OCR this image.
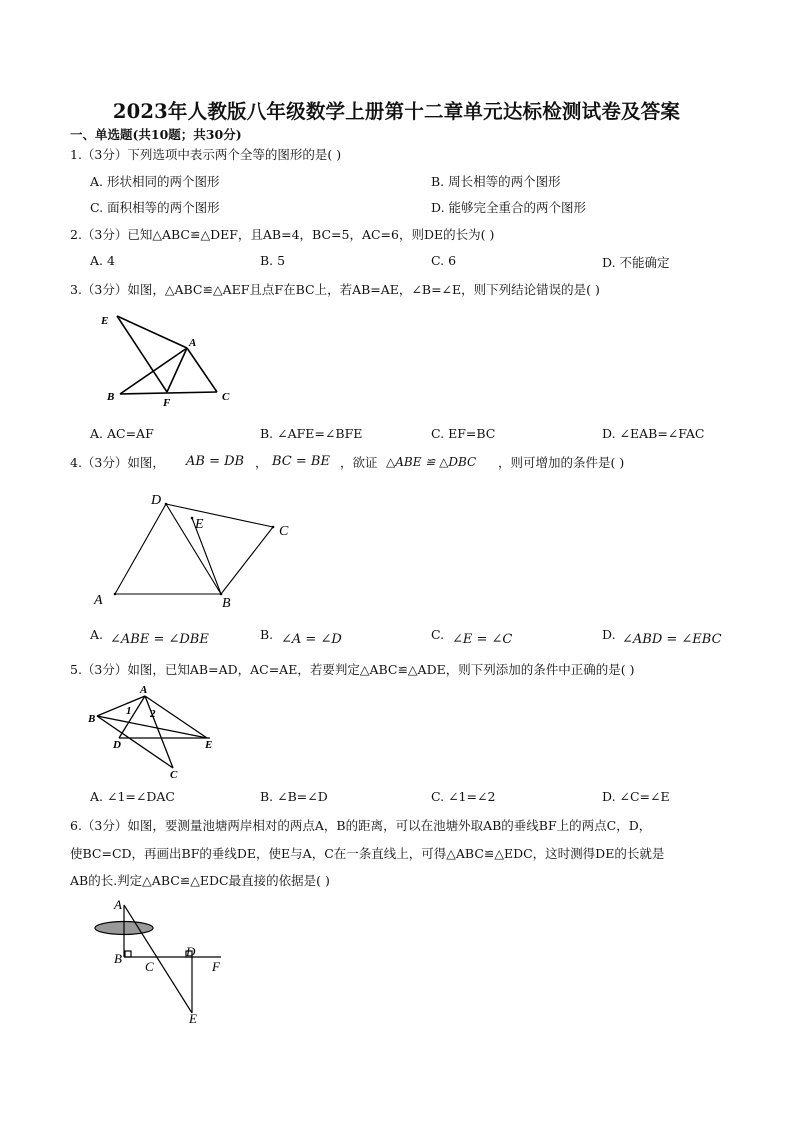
2023年人教版八年级数学上册第十二章单元达标检测试卷及答案
一、单选题(共10题；共30分)
1.（3分）下列选项中表示两个全等的图形的是( )
A. 形状相同的两个图形	B. 周长相等的两个图形
C. 面积相等的两个图形	D. 能够完全重合的两个图形
2.（3分）已知△ABC≌△DEF，且AB=4，BC=5，AC=6，则DE的长为( )
A. 4	B. 5	C. 6	D. 不能确定
3.（3分）如图，△ABC≌△AEF且点F在BC上，若AB=AE，∠B=∠E，则下列结论错误的是( )
E
A
B	F	C
A. AC=AF	B. ∠AFE=∠BFE	C. EF=BC	D. ∠EAB=∠FAC
4.（3分）如图， AB = DB ， BC = BE ，欲证 △ABE ≌ △DBC ，则可增加的条件是( )
D
E	C
A	B
A. ∠ABE = ∠DBE	B. ∠A = ∠D	C. ∠E = ∠C	D. ∠ABD = ∠EBC
5.（3分）如图，已知AB=AD，AC=AE，若要判定△ABC≌△ADE，则下列添加的条件中正确的是( )
A
B
1 2
D	E
C
A. ∠1=∠DAC	B. ∠B=∠D	C. ∠1=∠2	D. ∠C=∠E
6.（3分）如图，要测量池塘两岸相对的两点A，B的距离，可以在池塘外取AB的垂线BF上的两点C，D，
使BC=CD，再画出BF的垂线DE，使E与A，C在一条直线上，可得△ABC≌△EDC，这时测得DE的长就是
AB的长.判定△ABC≌△EDC最直接的依据是( )
A
B
C
D
F
E
